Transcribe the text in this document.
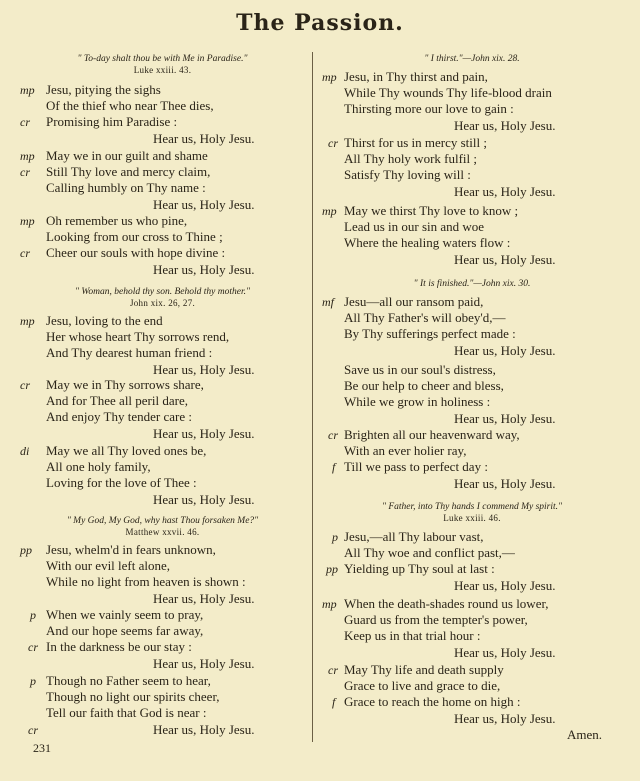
The Passion.
" To-day shalt thou be with Me in Paradise."
Luke xxiii. 43.
mp Jesu, pitying the sighs

Of the thief who near Thee dies,

cr Promising him Paradise :

Hear us, Holy Jesu.

mp May we in our guilt and shame

cr Still Thy love and mercy claim,

Calling humbly on Thy name :

Hear us, Holy Jesu.

mp Oh remember us who pine,

Looking from our cross to Thine ;

cr Cheer our souls with hope divine :

Hear us, Holy Jesu.

" Woman, behold thy son. Behold thy mother."
John xix. 26, 27.
mp Jesu, loving to the end

Her whose heart Thy sorrows rend,

And Thy dearest human friend :

Hear us, Holy Jesu.

cr May we in Thy sorrows share,

And for Thee all peril dare,

And enjoy Thy tender care :

Hear us, Holy Jesu.

di May we all Thy loved ones be,

All one holy family,

Loving for the love of Thee :

Hear us, Holy Jesu.

" My God, My God, why hast Thou forsaken Me?"
Matthew xxvii. 46.
pp Jesu, whelm'd in fears unknown,

With our evil left alone,

While no light from heaven is shown :

Hear us, Holy Jesu.

p When we vainly seem to pray,

And our hope seems far away,

cr In the darkness be our stay :

Hear us, Holy Jesu.

p Though no Father seem to hear,

Though no light our spirits cheer,

Tell our faith that God is near :

cr	Hear us, Holy Jesu.

" I thirst."—John xix. 28.
mp Jesu, in Thy thirst and pain,

While Thy wounds Thy life-blood drain

Thirsting more our love to gain :

Hear us, Holy Jesu.

cr Thirst for us in mercy still ;

All Thy holy work fulfil ;

Satisfy Thy loving will :

Hear us, Holy Jesu.

mp May we thirst Thy love to know ;

Lead us in our sin and woe

Where the healing waters flow :

Hear us, Holy Jesu.

" It is finished."—John xix. 30.
mf Jesu—all our ransom paid,

All Thy Father's will obey'd,—

By Thy sufferings perfect made :

Hear us, Holy Jesu.

Save us in our soul's distress,

Be our help to cheer and bless,

While we grow in holiness :

Hear us, Holy Jesu.

cr Brighten all our heavenward way,

With an ever holier ray,

f Till we pass to perfect day :

Hear us, Holy Jesu.

" Father, into Thy hands I commend My spirit."
Luke xxiii. 46.
p Jesu,—all Thy labour vast,

All Thy woe and conflict past,—

pp Yielding up Thy soul at last :

Hear us, Holy Jesu.

mp When the death-shades round us lower,

Guard us from the tempter's power,

Keep us in that trial hour :

Hear us, Holy Jesu.

cr May Thy life and death supply

Grace to live and grace to die,

f Grace to reach the home on high :

Hear us, Holy Jesu.

Amen.

231
